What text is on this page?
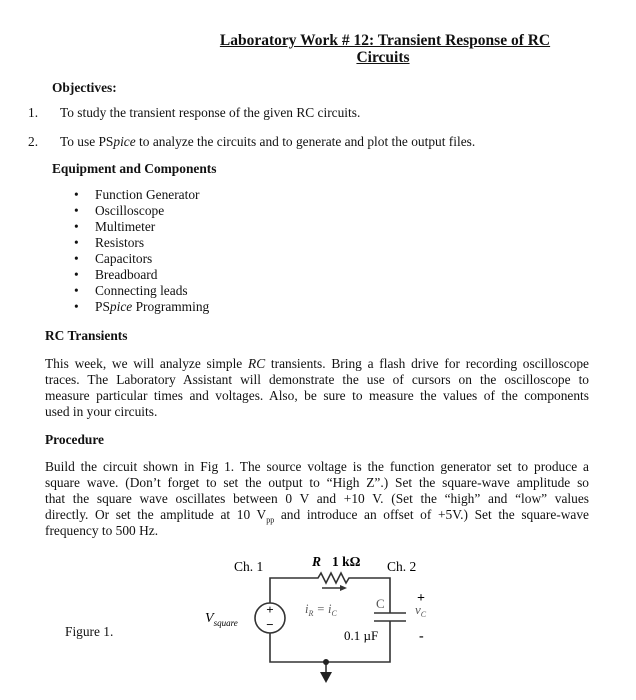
Laboratory Work # 12: Transient Response of RC
Circuits
Objectives:
1. To study the transient response of the given RC circuits.
2. To use PSpice to analyze the circuits and to generate and plot the output files.
Equipment and Components
• Function Generator
• Oscilloscope
• Multimeter
• Resistors
• Capacitors
• Breadboard
• Connecting leads
• PSpice Programming
RC Transients
This week, we will analyze simple RC transients. Bring a flash drive for recording oscilloscope
traces. The Laboratory Assistant will demonstrate the use of cursors on the oscilloscope to
measure particular times and voltages. Also, be sure to measure the values of the components
used in your circuits.
Procedure
Build the circuit shown in Fig 1. The source voltage is the function generator set to produce a
square wave. (Don’t forget to set the output to “High Z”.) Set the square-wave amplitude so
that the square wave oscillates between 0 V and +10 V. (Set the “high” and “low” values
directly. Or set the amplitude at 10 $V_{pp}$ and introduce an offset of +5V.) Set the square-wave
frequency to 500 Hz.
Figure 1.
+
−
Ch. 1	Ch. 2
R 1 kΩ
$i_R = i_C$
C
0.1 µF
$V_{square}$
+
$v_C$
-
